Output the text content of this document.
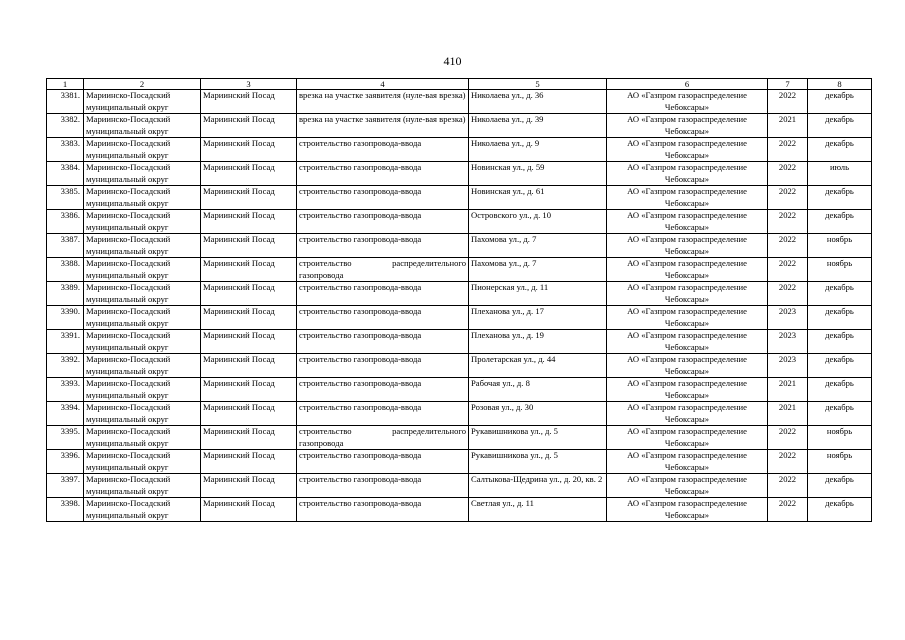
410
1	2	3	4	5	6	7	8
3381.	Мариинско-Посадский муниципальный округ	Мариинский Посад	врезка на участке заявителя (нуле-вая врезка)	Николаева ул., д. 36	АО «Газпром газораспределение Чебоксары»	2022	декабрь
3382.	Мариинско-Посадский муниципальный округ	Мариинский Посад	врезка на участке заявителя (нуле-вая врезка)	Николаева ул., д. 39	АО «Газпром газораспределение Чебоксары»	2021	декабрь
3383.	Мариинско-Посадский муниципальный округ	Мариинский Посад	строительство газопровода-ввода	Николаева ул., д. 9	АО «Газпром газораспределение Чебоксары»	2022	декабрь
3384.	Мариинско-Посадский муниципальный округ	Мариинский Посад	строительство газопровода-ввода	Новинская ул., д. 59	АО «Газпром газораспределение Чебоксары»	2022	июль
3385.	Мариинско-Посадский муниципальный округ	Мариинский Посад	строительство газопровода-ввода	Новинская ул., д. 61	АО «Газпром газораспределение Чебоксары»	2022	декабрь
3386.	Мариинско-Посадский муниципальный округ	Мариинский Посад	строительство газопровода-ввода	Островского ул., д. 10	АО «Газпром газораспределение Чебоксары»	2022	декабрь
3387.	Мариинско-Посадский муниципальный округ	Мариинский Посад	строительство газопровода-ввода	Пахомова ул., д. 7	АО «Газпром газораспределение Чебоксары»	2022	ноябрь
3388.	Мариинско-Посадский муниципальный округ	Мариинский Посад	строительство распределительного газопровода	Пахомова ул., д. 7	АО «Газпром газораспределение Чебоксары»	2022	ноябрь
3389.	Мариинско-Посадский муниципальный округ	Мариинский Посад	строительство газопровода-ввода	Пионерская ул., д. 11	АО «Газпром газораспределение Чебоксары»	2022	декабрь
3390.	Мариинско-Посадский муниципальный округ	Мариинский Посад	строительство газопровода-ввода	Плеханова ул., д. 17	АО «Газпром газораспределение Чебоксары»	2023	декабрь
3391.	Мариинско-Посадский муниципальный округ	Мариинский Посад	строительство газопровода-ввода	Плеханова ул., д. 19	АО «Газпром газораспределение Чебоксары»	2023	декабрь
3392.	Мариинско-Посадский муниципальный округ	Мариинский Посад	строительство газопровода-ввода	Пролетарская ул., д. 44	АО «Газпром газораспределение Чебоксары»	2023	декабрь
3393.	Мариинско-Посадский муниципальный округ	Мариинский Посад	строительство газопровода-ввода	Рабочая ул., д. 8	АО «Газпром газораспределение Чебоксары»	2021	декабрь
3394.	Мариинско-Посадский муниципальный округ	Мариинский Посад	строительство газопровода-ввода	Розовая ул., д. 30	АО «Газпром газораспределение Чебоксары»	2021	декабрь
3395.	Мариинско-Посадский муниципальный округ	Мариинский Посад	строительство распределительного газопровода	Рукавишникова ул., д. 5	АО «Газпром газораспределение Чебоксары»	2022	ноябрь
3396.	Мариинско-Посадский муниципальный округ	Мариинский Посад	строительство газопровода-ввода	Рукавишникова ул., д. 5	АО «Газпром газораспределение Чебоксары»	2022	ноябрь
3397.	Мариинско-Посадский муниципальный округ	Мариинский Посад	строительство газопровода-ввода	Салтыкова-Щедрина ул., д. 20, кв. 2	АО «Газпром газораспределение Чебоксары»	2022	декабрь
3398.	Мариинско-Посадский муниципальный округ	Мариинский Посад	строительство газопровода-ввода	Светлая ул., д. 11	АО «Газпром газораспределение Чебоксары»	2022	декабрь
